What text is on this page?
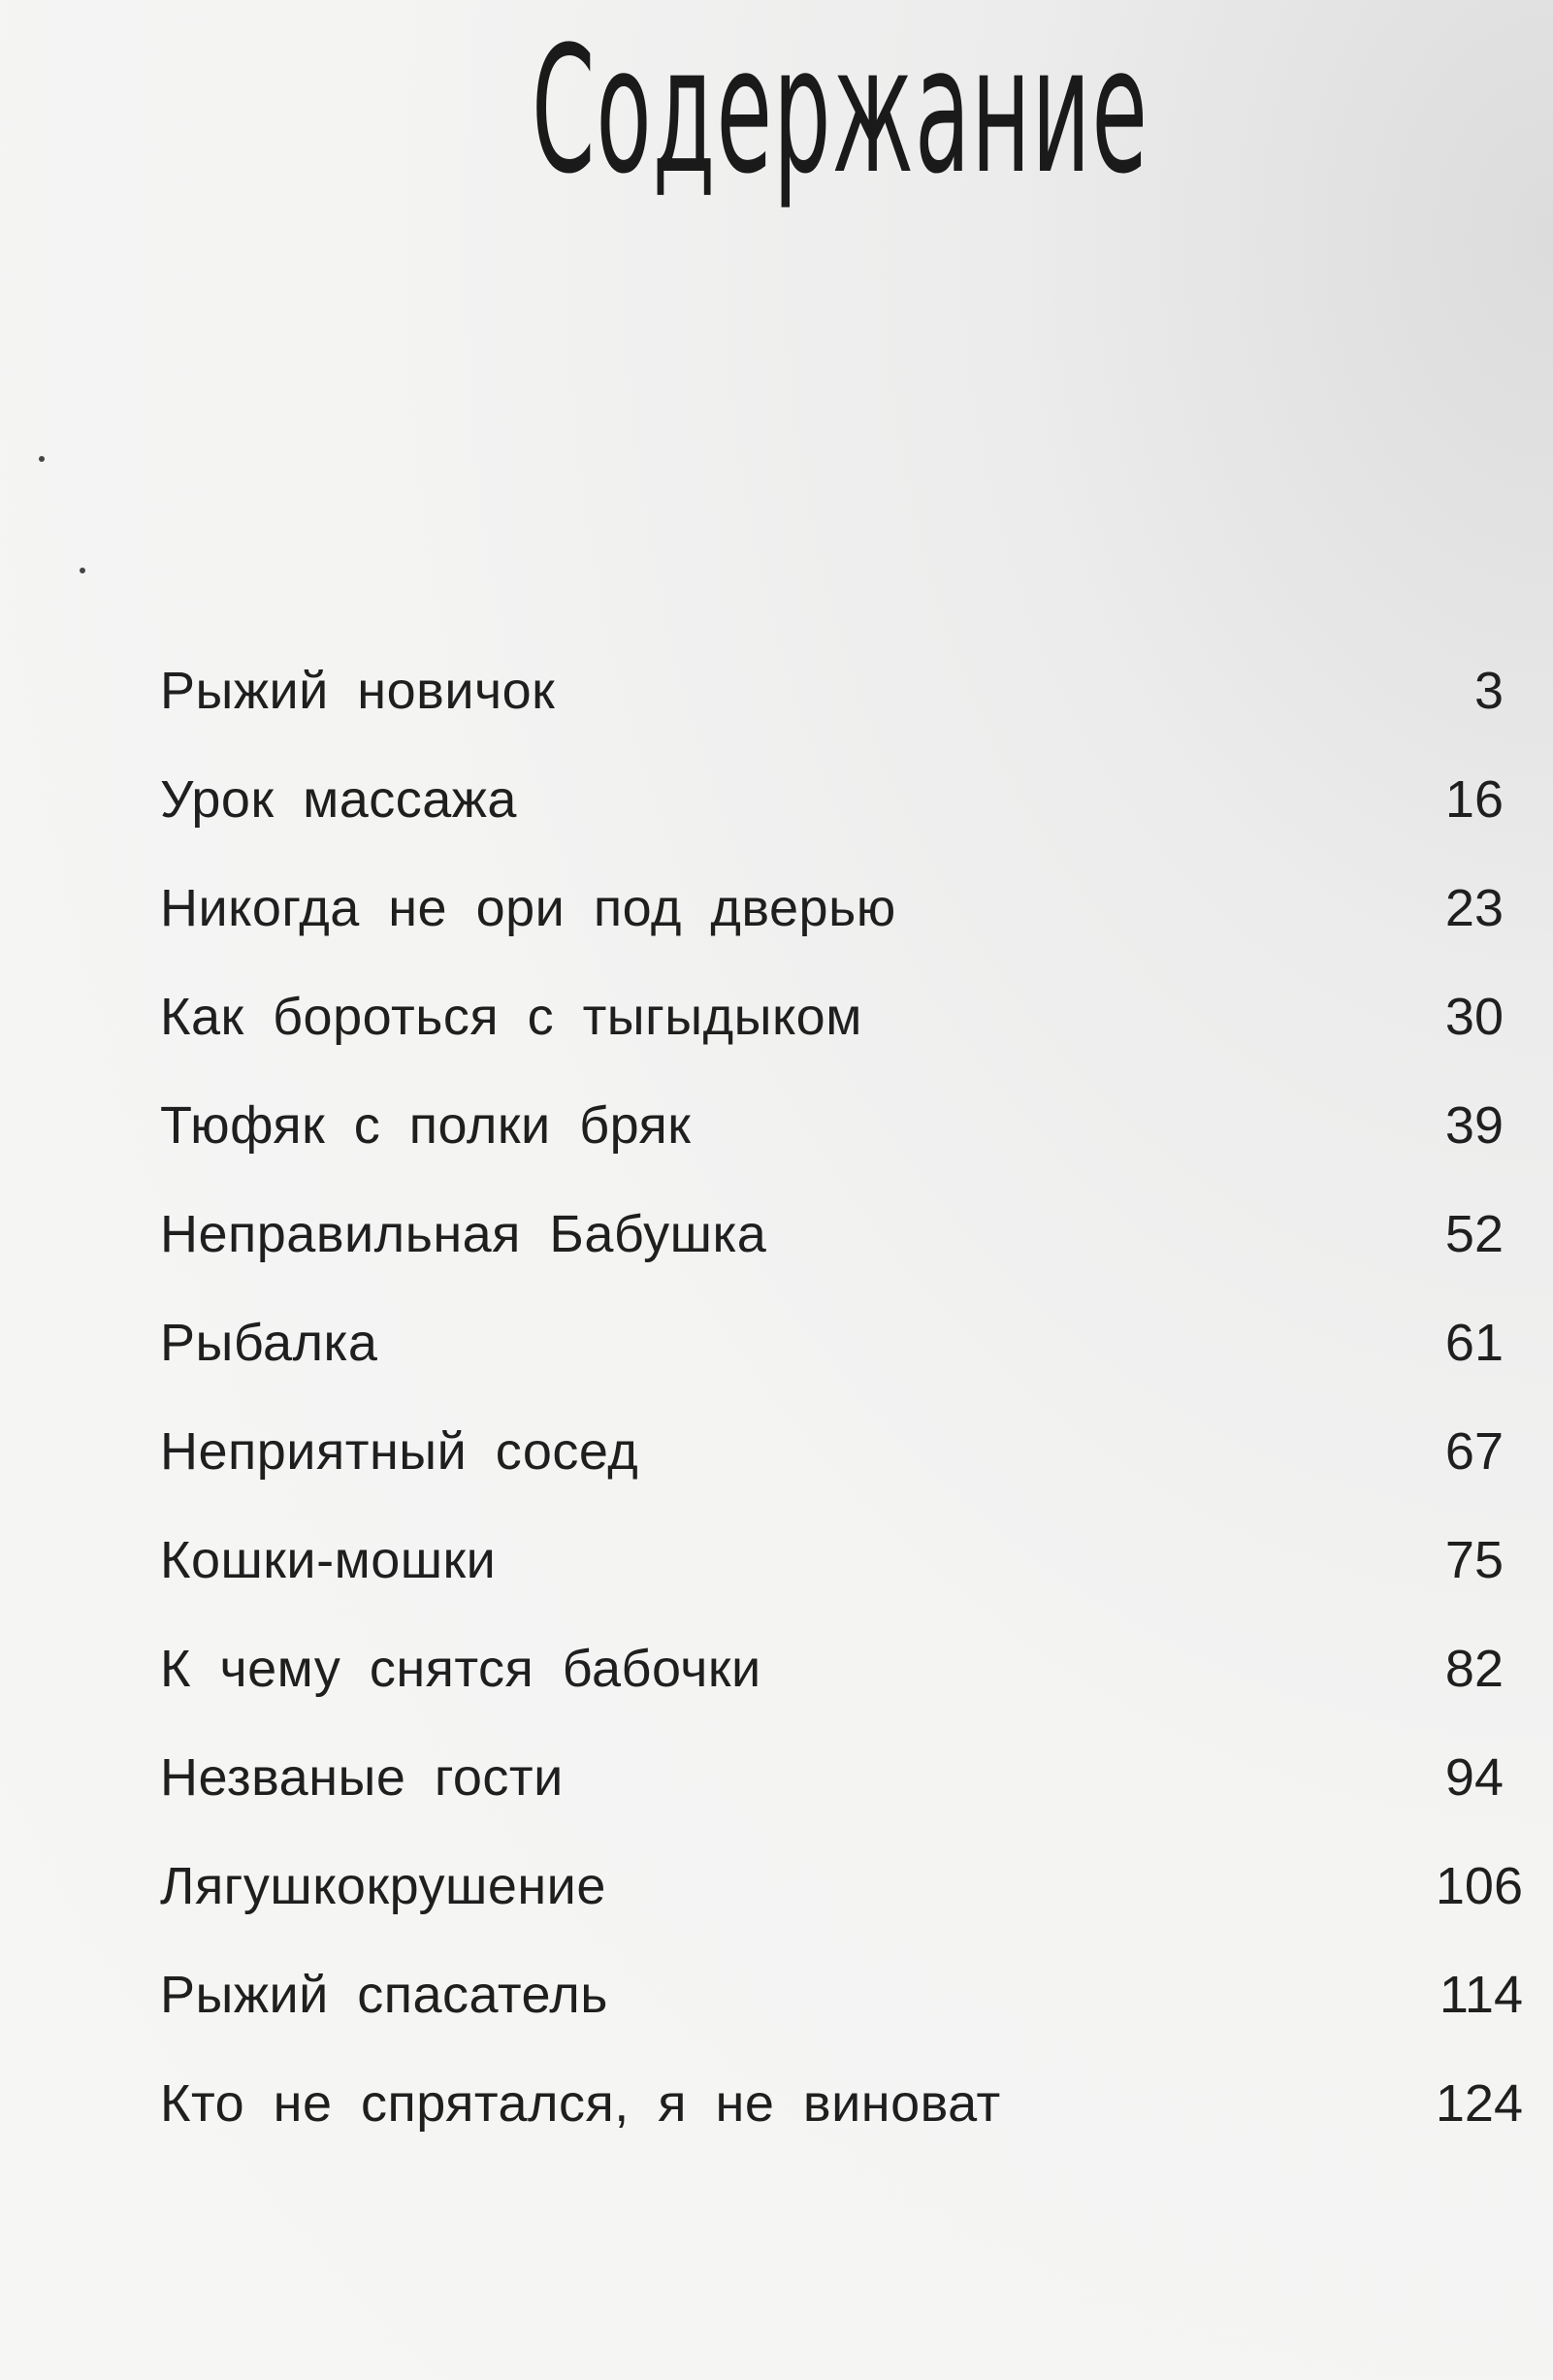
Содержание
Рыжий новичок	3
Урок массажа	16
Никогда не ори под дверью	23
Как бороться с тыгыдыком	30
Тюфяк с полки бряк	39
Неправильная Бабушка	52
Рыбалка	61
Неприятный сосед	67
Кошки-мошки	75
К чему снятся бабочки	82
Незваные гости	94
Лягушкокрушение	106
Рыжий спасатель	114
Кто не спрятался, я не виноват	124
